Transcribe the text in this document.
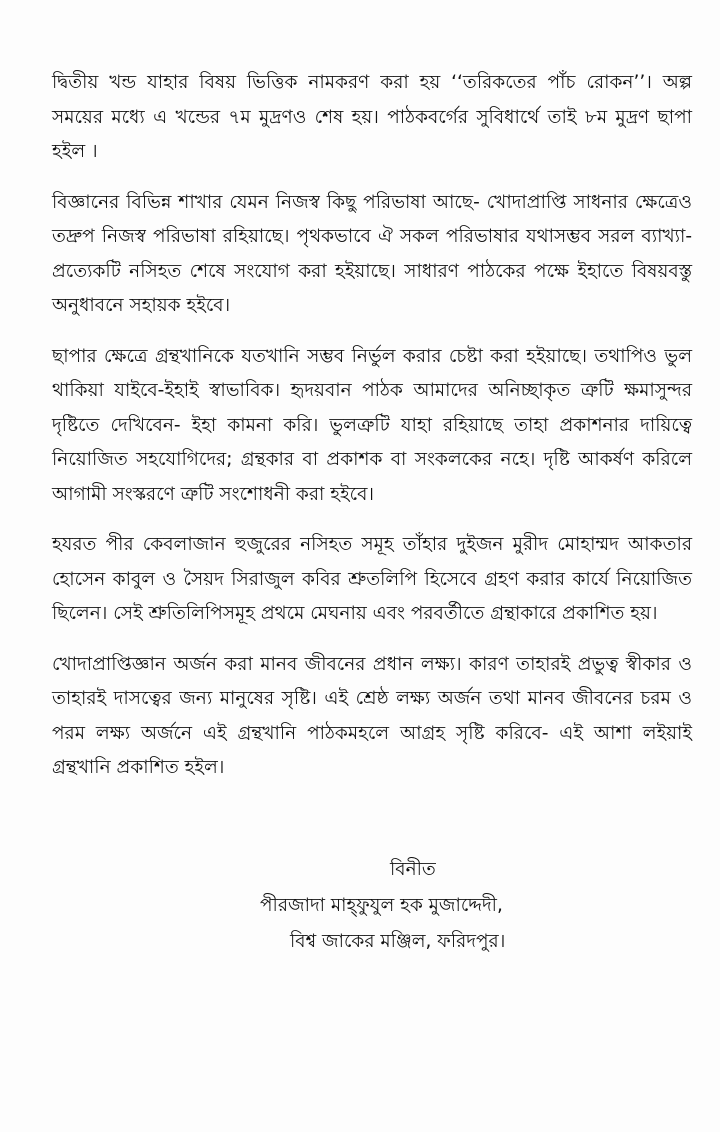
দ্বিতীয় খন্ড যাহার বিষয় ভিত্তিক নামকরণ করা হয় ‘‘তরিকতের পাঁচ রোকন’’। অল্প সময়ের মধ্যে এ খন্ডের ৭ম মুদ্রণও শেষ হয়। পাঠকবর্গের সুবিধার্থে তাই ৮ম মুদ্রণ ছাপা হইল ।

বিজ্ঞানের বিভিন্ন শাখার যেমন নিজস্ব কিছু পরিভাষা আছে- খোদাপ্রাপ্তি সাধনার ক্ষেত্রেও তদ্রুপ নিজস্ব পরিভাষা রহিয়াছে। পৃথকভাবে ঐ সকল পরিভাষার যথাসম্ভব সরল ব্যাখ্যা-প্রত্যেকটি নসিহত শেষে সংযোগ করা হইয়াছে। সাধারণ পাঠকের পক্ষে ইহাতে বিষয়বস্তু অনুধাবনে সহায়ক হইবে।

ছাপার ক্ষেত্রে গ্রন্থখানিকে যতখানি সম্ভব নির্ভুল করার চেষ্টা করা হইয়াছে। তথাপিও ভুল থাকিয়া যাইবে-ইহাই স্বাভাবিক। হৃদয়বান পাঠক আমাদের অনিচ্ছাকৃত ত্রুটি ক্ষমাসুন্দর দৃষ্টিতে দেখিবেন- ইহা কামনা করি। ভুলত্রুটি যাহা রহিয়াছে তাহা প্রকাশনার দায়িত্বে নিয়োজিত সহযোগিদের; গ্রন্থকার বা প্রকাশক বা সংকলকের নহে। দৃষ্টি আকর্ষণ করিলে আগামী সংস্করণে ত্রুটি সংশোধনী করা হইবে।

হযরত পীর কেবলাজান হুজুরের নসিহত সমূহ তাঁহার দুইজন মুরীদ মোহাম্মদ আকতার হোসেন কাবুল ও সৈয়দ সিরাজুল কবির শ্রুতলিপি হিসেবে গ্রহণ করার কার্যে নিয়োজিত ছিলেন। সেই শ্রুতিলিপিসমূহ প্রথমে মেঘনায় এবং পরবর্তীতে গ্রন্থাকারে প্রকাশিত হয়।

খোদাপ্রাপ্তিজ্ঞান অর্জন করা মানব জীবনের প্রধান লক্ষ্য। কারণ তাহারই প্রভুত্ব স্বীকার ও তাহারই দাসত্বের জন্য মানুষের সৃষ্টি। এই শ্রেষ্ঠ লক্ষ্য অর্জন তথা মানব জীবনের চরম ও পরম লক্ষ্য অর্জনে এই গ্রন্থখানি পাঠকমহলে আগ্রহ সৃষ্টি করিবে- এই আশা লইয়াই গ্রন্থখানি প্রকাশিত হইল।

বিনীত
পীরজাদা মাহ্‌ফুযুল হক মুজাদ্দেদী,
বিশ্ব জাকের মঞ্জিল, ফরিদপুর।
